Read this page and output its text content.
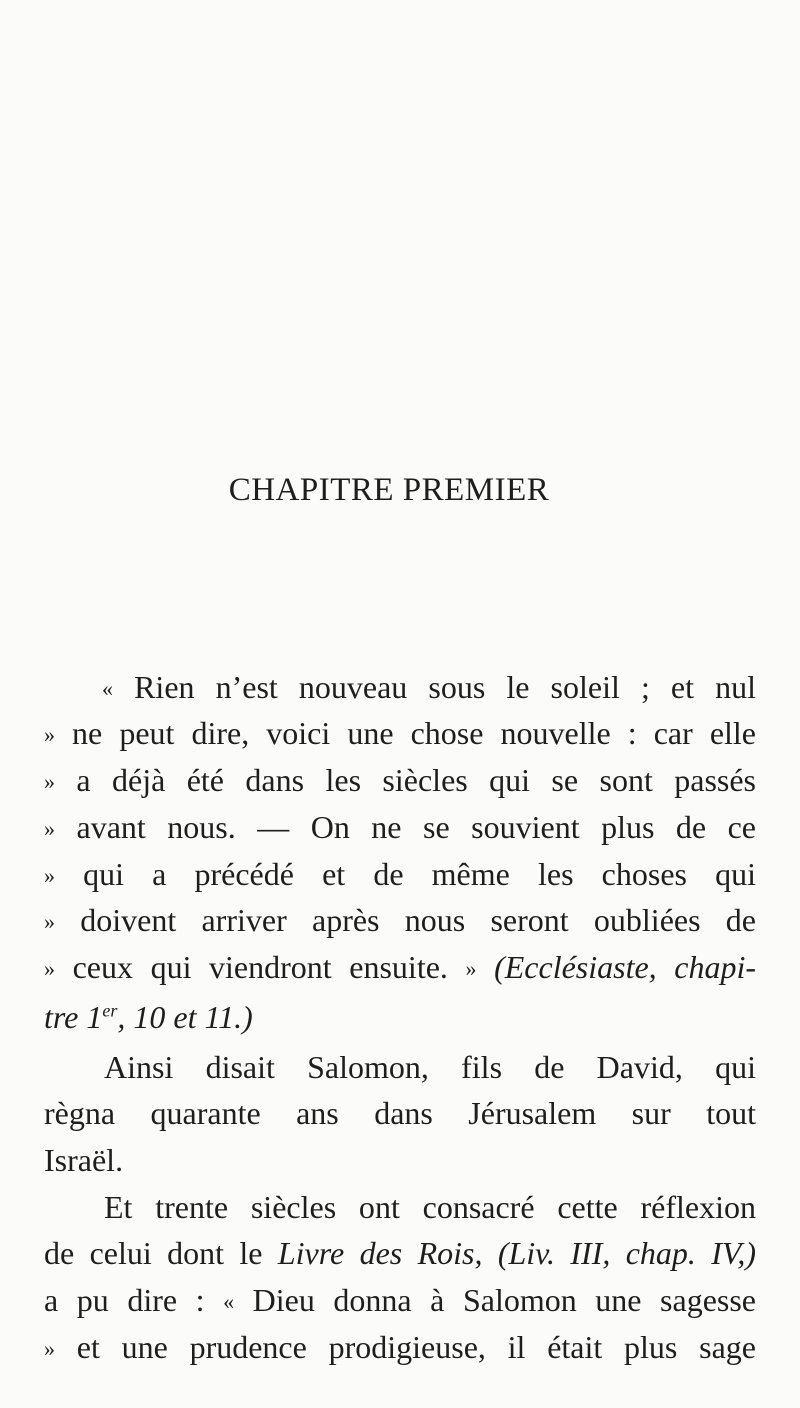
CHAPITRE PREMIER
« Rien n’est nouveau sous le soleil ; et nul
» ne peut dire, voici une chose nouvelle : car elle
» a déjà été dans les siècles qui se sont passés
» avant nous. — On ne se souvient plus de ce
» qui a précédé et de même les choses qui
» doivent arriver après nous seront oubliées de
» ceux qui viendront ensuite. » (Ecclésiaste, chapi-
tre 1er, 10 et 11.)
Ainsi disait Salomon, fils de David, qui
règna quarante ans dans Jérusalem sur tout
Israël.
Et trente siècles ont consacré cette réflexion
de celui dont le Livre des Rois, (Liv. III, chap. IV,)
a pu dire : « Dieu donna à Salomon une sagesse
» et une prudence prodigieuse, il était plus sage
